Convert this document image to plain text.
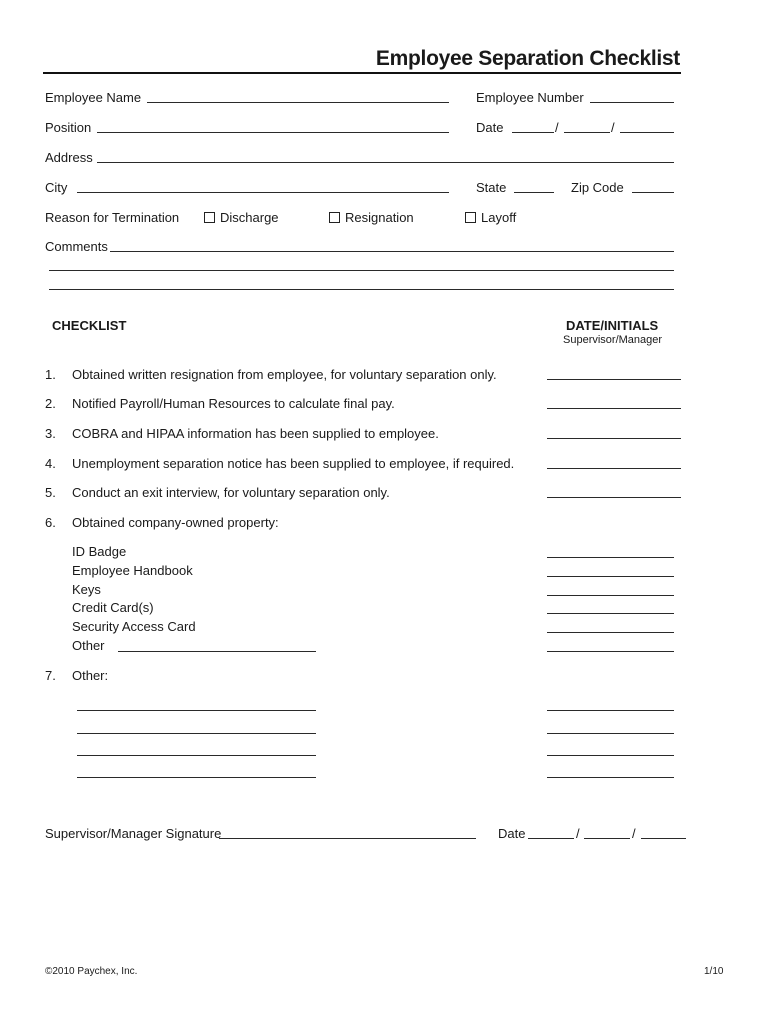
Employee Separation Checklist
Employee Name	Employee Number
Position	Date	/	/
Address
City	State	Zip Code
Reason for Termination	Discharge	Resignation	Layoff
Comments
CHECKLIST	DATE/INITIALS
Supervisor/Manager
1. Obtained written resignation from employee, for voluntary separation only.
2. Notified Payroll/Human Resources to calculate final pay.
3. COBRA and HIPAA information has been supplied to employee.
4. Unemployment separation notice has been supplied to employee, if required.
5. Conduct an exit interview, for voluntary separation only.
6. Obtained company-owned property:
ID Badge
Employee Handbook
Keys
Credit Card(s)
Security Access Card
Other
7. Other:
Supervisor/Manager Signature	Date	/	/
©2010 Paychex, Inc.	1/10
